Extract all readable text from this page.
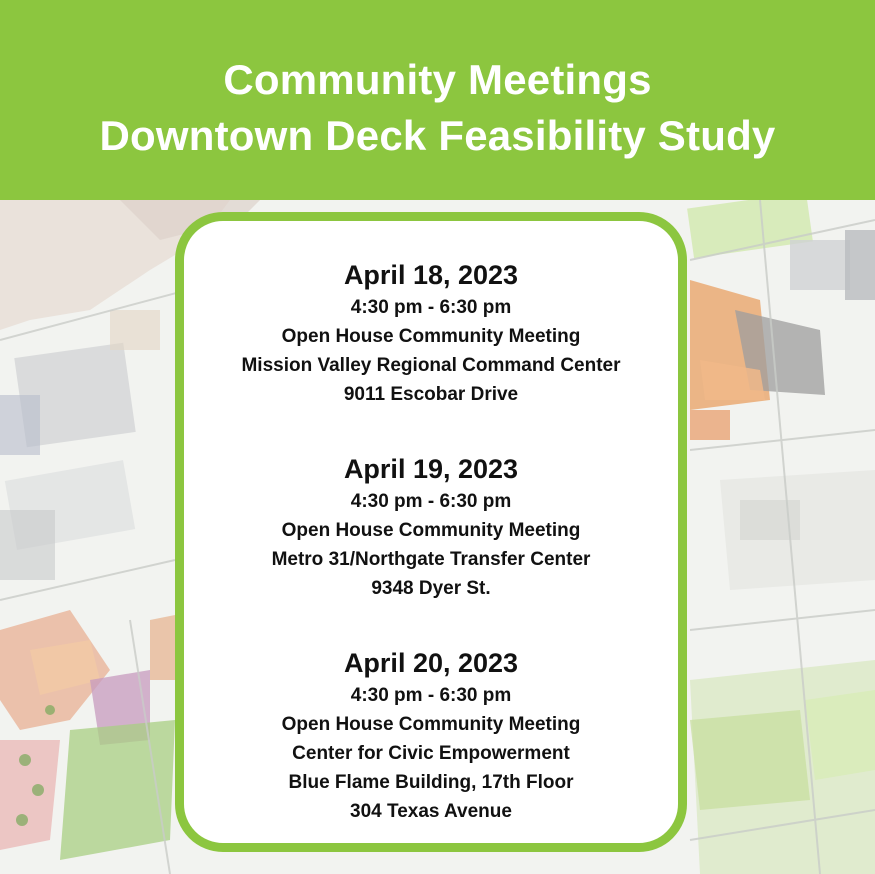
Community Meetings
Downtown Deck Feasibility Study
April 18, 2023
4:30 pm - 6:30 pm
Open House Community Meeting
Mission Valley Regional Command Center
9011 Escobar Drive
April 19, 2023
4:30 pm - 6:30 pm
Open House Community Meeting
Metro 31/Northgate Transfer Center
9348 Dyer St.
April 20, 2023
4:30 pm - 6:30 pm
Open House Community Meeting
Center for Civic Empowerment
Blue Flame Building, 17th Floor
304 Texas Avenue
